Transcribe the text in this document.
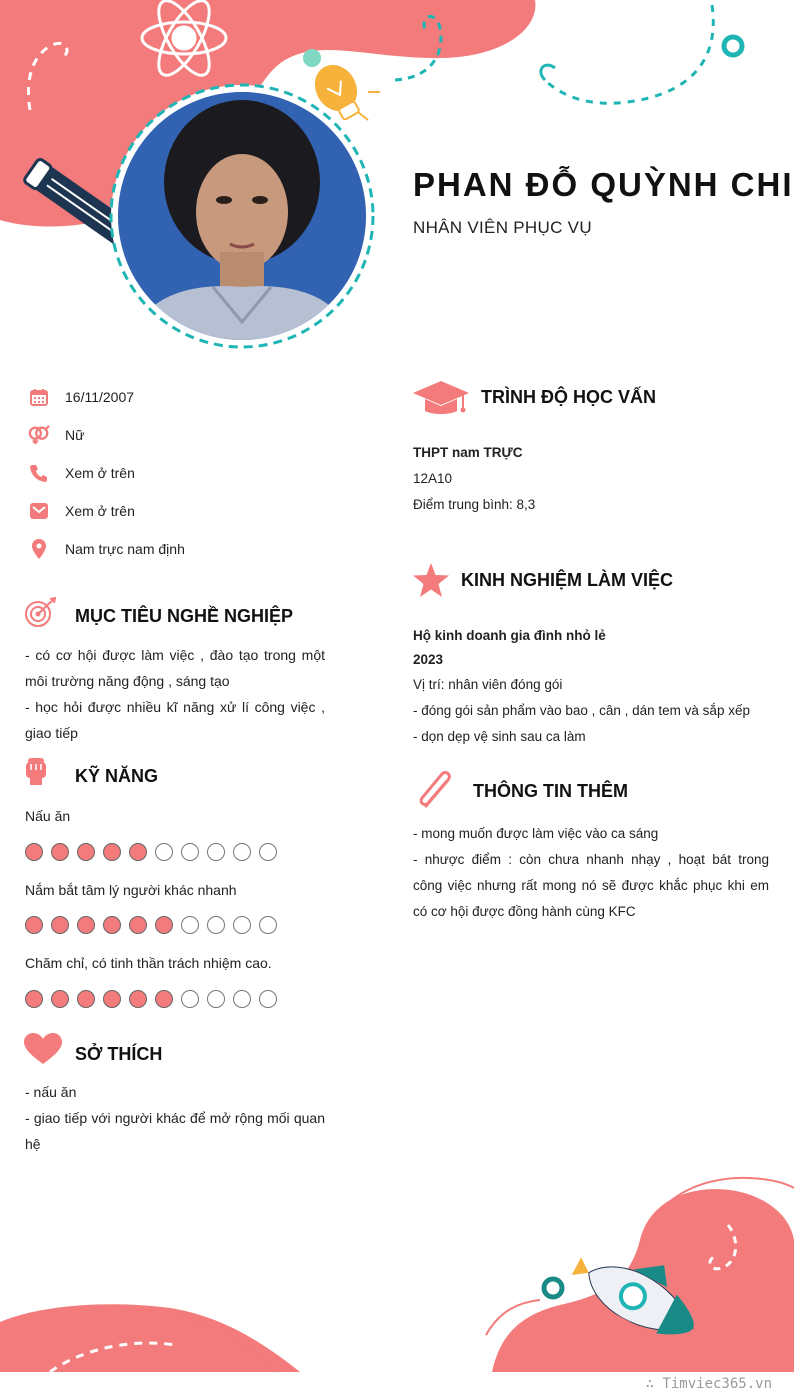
PHAN ĐỖ QUỲNH CHI
NHÂN VIÊN PHỤC VỤ
16/11/2007
Nữ
Xem ở trên
Xem ở trên
Nam trực nam định
MỤC TIÊU NGHỀ NGHIỆP
- có cơ hội được làm việc , đào tạo trong một
môi trường năng động , sáng tạo
- học hỏi được nhiều kĩ năng xử lí công việc ,
giao tiếp
KỸ NĂNG
Nấu ăn
Nắm bắt tâm lý người khác nhanh
Chăm chỉ, có tinh thần trách nhiệm cao.
SỞ THÍCH
- nấu ăn
- giao tiếp với người khác để mở rộng mối quan
hệ
TRÌNH ĐỘ HỌC VẤN
THPT nam TRỰC
12A10
Điểm trung bình: 8,3
KINH NGHIỆM LÀM VIỆC
Hộ kinh doanh gia đình nhỏ lẻ
2023
Vị trí: nhân viên đóng gói
- đóng gói sản phẩm vào bao , cân , dán tem và sắp xếp
- dọn dẹp vệ sinh sau ca làm
THÔNG TIN THÊM
- mong muốn được làm việc vào ca sáng
- nhược điểm : còn chưa nhanh nhạy , hoạt bát trong
công việc nhưng rất mong nó sẽ được khắc phục khi em
có cơ hội được đồng hành cùng KFC
∴ Timviec365.vn
